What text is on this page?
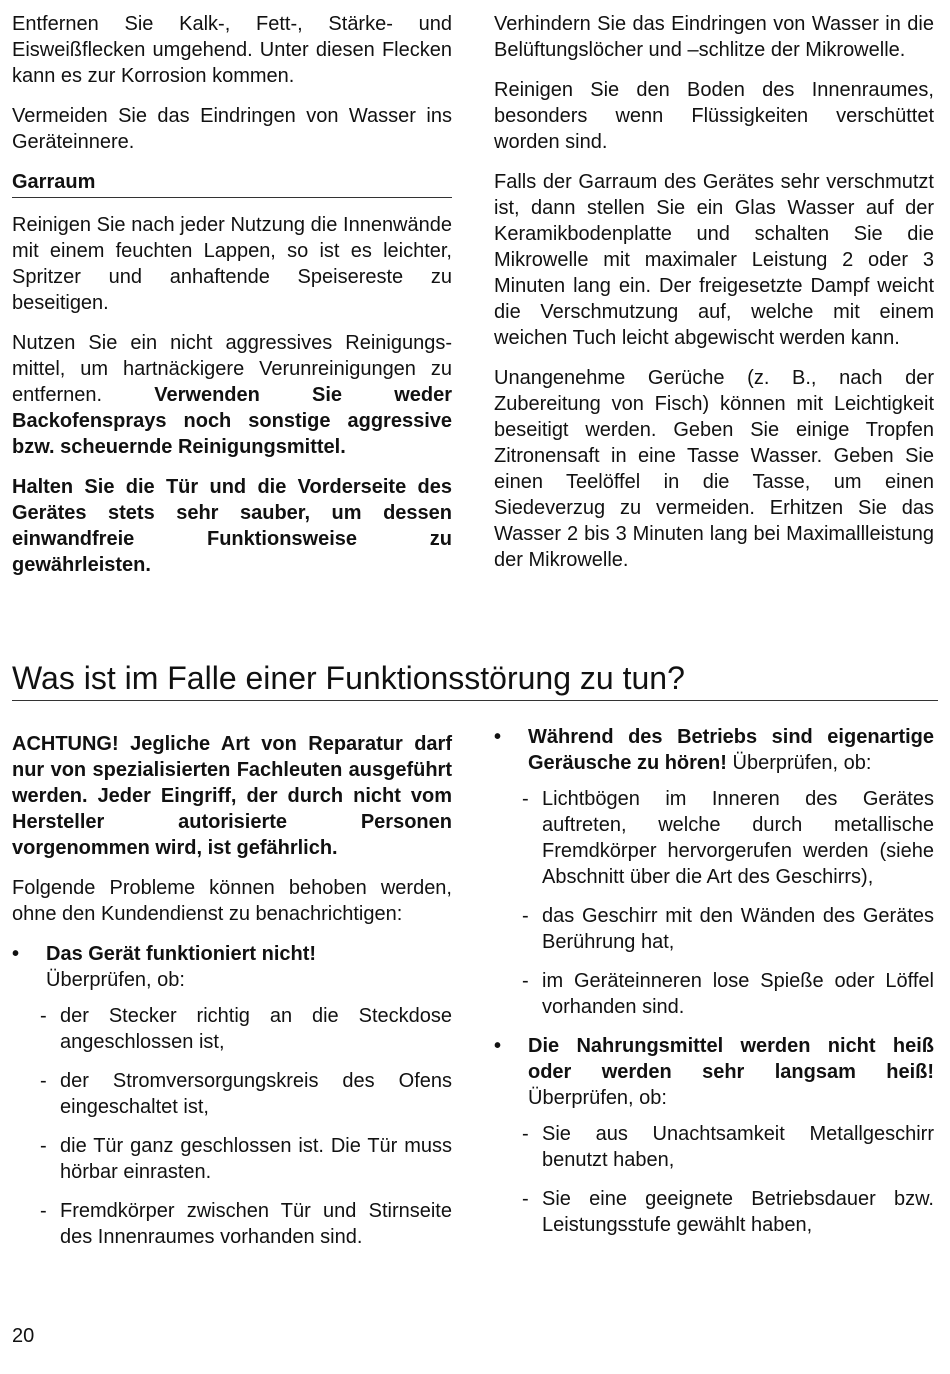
Entfernen Sie Kalk-, Fett-, Stärke- und Eisweißflecken umgehend. Unter diesen Flecken kann es zur Korrosion kommen.

Vermeiden Sie das Eindringen von Wasser ins Geräteinnere.

Garraum

Reinigen Sie nach jeder Nutzung die Innenwände mit einem feuchten Lappen, so ist es leichter, Spritzer und anhaftende Speisereste zu beseitigen.

Nutzen Sie ein nicht aggressives Reinigungs-mittel, um hartnäckigere Verunreinigungen zu entfernen.	Verwenden Sie weder Backofensprays noch sonstige aggressive bzw. scheuernde Reinigungsmittel.

Halten Sie die Tür und die Vorderseite des Gerätes stets sehr sauber, um dessen einwandfreie Funktionsweise zu gewährleisten.

Verhindern Sie das Eindringen von Wasser in die Belüftungslöcher und –schlitze der Mikrowelle.

Reinigen Sie den Boden des Innenraumes, besonders wenn Flüssigkeiten verschüttet worden sind.

Falls der Garraum des Gerätes sehr verschmutzt ist, dann stellen Sie ein Glas Wasser auf der Keramikbodenplatte und schalten Sie die Mikrowelle mit maximaler Leistung 2 oder 3 Minuten lang ein. Der freigesetzte Dampf weicht die Verschmutzung auf, welche mit einem weichen Tuch leicht abgewischt werden kann.

Unangenehme Gerüche (z. B., nach der Zubereitung von Fisch) können mit Leichtigkeit beseitigt werden. Geben Sie einige Tropfen Zitronensaft in eine Tasse Wasser. Geben Sie einen Teelöffel in die Tasse, um einen Siedeverzug zu vermeiden. Erhitzen Sie das Wasser 2 bis 3 Minuten lang bei Maximallleistung der Mikrowelle.

Was ist im Falle einer Funktionsstörung zu tun?

ACHTUNG! Jegliche Art von Reparatur darf nur von spezialisierten Fachleuten ausgeführt werden. Jeder Eingriff, der durch nicht vom Hersteller autorisierte Personen vorgenommen wird, ist gefährlich.

Folgende Probleme können behoben werden, ohne den Kundendienst zu benachrichtigen:

• Das Gerät funktioniert nicht!
Überprüfen, ob:

- der Stecker richtig an die Steckdose angeschlossen ist,

- der Stromversorgungskreis des Ofens eingeschaltet ist,

- die Tür ganz geschlossen ist. Die Tür muss hörbar einrasten.

- Fremdkörper zwischen Tür und Stirnseite des Innenraumes vorhanden sind.

• Während des Betriebs sind eigenartige Geräusche zu hören! Überprüfen, ob:

- Lichtbögen im Inneren des Gerätes auftreten, welche durch metallische Fremdkörper hervorgerufen werden (siehe Abschnitt über die Art des Geschirrs),

- das Geschirr mit den Wänden des Gerätes Berührung hat,

- im Geräteinneren lose Spieße oder Löffel vorhanden sind.

• Die Nahrungsmittel werden nicht heiß oder werden sehr langsam heiß! Überprüfen, ob:

- Sie aus Unachtsamkeit Metallgeschirr benutzt haben,

- Sie eine geeignete Betriebsdauer bzw. Leistungsstufe gewählt haben,

20
